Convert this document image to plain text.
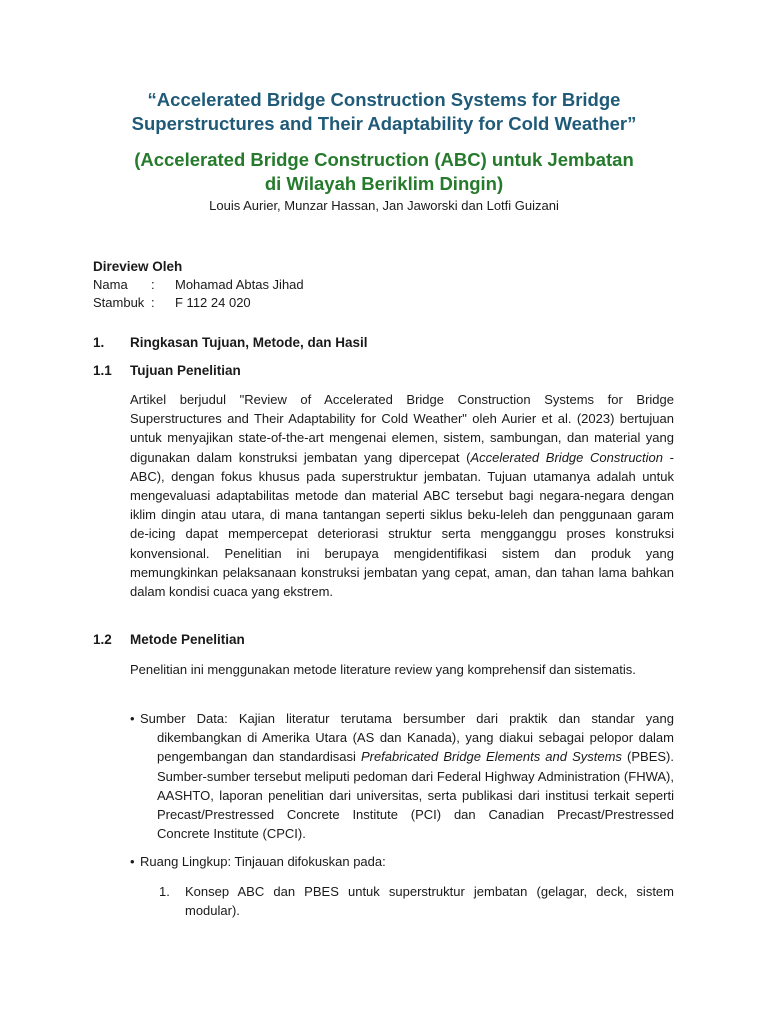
“Accelerated Bridge Construction Systems for Bridge
Superstructures and Their Adaptability for Cold Weather”

(Accelerated Bridge Construction (ABC) untuk Jembatan
di Wilayah Beriklim Dingin)

Louis Aurier, Munzar Hassan, Jan Jaworski dan Lotfi Guizani

Direview Oleh

Nama	:	Mohamad Abtas Jihad
Stambuk :	F 112 24 020
1.	Ringkasan Tujuan, Metode, dan Hasil
1.1	Tujuan Penelitian

Artikel berjudul "Review of Accelerated Bridge Construction Systems for Bridge Superstructures and Their Adaptability for Cold Weather" oleh Aurier et al. (2023) bertujuan untuk menyajikan state-of-the-art mengenai elemen, sistem, sambungan, dan material yang digunakan dalam konstruksi jembatan yang dipercepat (Accelerated Bridge Construction - ABC), dengan fokus khusus pada superstruktur jembatan. Tujuan utamanya adalah untuk mengevaluasi adaptabilitas metode dan material ABC tersebut bagi negara-negara dengan iklim dingin atau utara, di mana tantangan seperti siklus beku-leleh dan penggunaan garam de-icing dapat mempercepat deteriorasi struktur serta mengganggu proses konstruksi konvensional. Penelitian ini berupaya mengidentifikasi sistem dan produk yang memungkinkan pelaksanaan konstruksi jembatan yang cepat, aman, dan tahan lama bahkan dalam kondisi cuaca yang ekstrem.

1.2	Metode Penelitian

Penelitian ini menggunakan metode literature review yang komprehensif dan sistematis.

• Sumber Data: Kajian literatur terutama bersumber dari praktik dan standar yang dikembangkan di Amerika Utara (AS dan Kanada), yang diakui sebagai pelopor dalam pengembangan dan standardisasi Prefabricated Bridge Elements and Systems (PBES). Sumber-sumber tersebut meliputi pedoman dari Federal Highway Administration (FHWA), AASHTO, laporan penelitian dari universitas, serta publikasi dari institusi terkait seperti Precast/Prestressed Concrete Institute (PCI) dan Canadian Precast/Prestressed Concrete Institute (CPCI).
• Ruang Lingkup: Tinjauan difokuskan pada:
1. Konsep ABC dan PBES untuk superstruktur jembatan (gelagar, deck, sistem modular).
